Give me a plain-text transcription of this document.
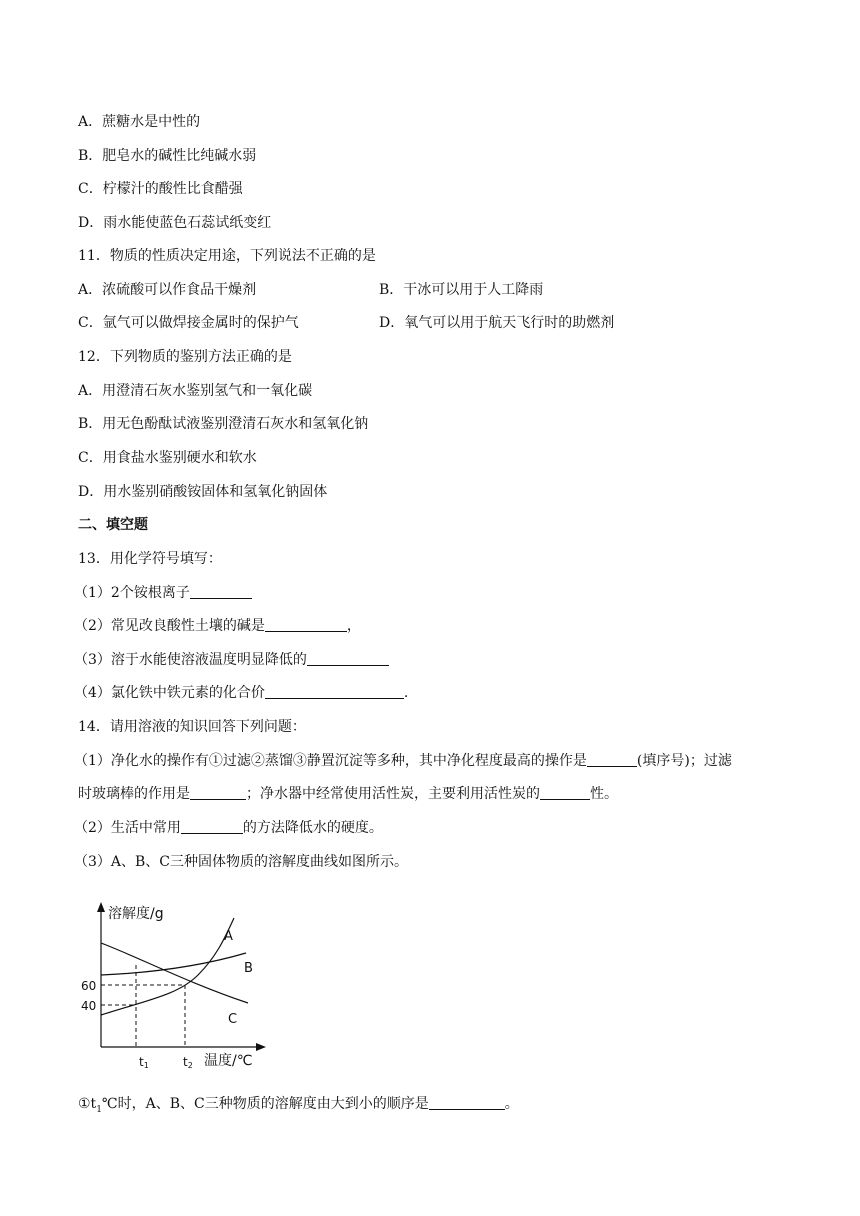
A．蔗糖水是中性的
B．肥皂水的碱性比纯碱水弱
C．柠檬汁的酸性比食醋强
D．雨水能使蓝色石蕊试纸变红
11．物质的性质决定用途，下列说法不正确的是
A．浓硫酸可以作食品干燥剂	B．干冰可以用于人工降雨
C．氩气可以做焊接金属时的保护气	D．氧气可以用于航天飞行时的助燃剂
12．下列物质的鉴别方法正确的是
A．用澄清石灰水鉴别氢气和一氧化碳
B．用无色酚酞试液鉴别澄清石灰水和氢氧化钠
C．用食盐水鉴别硬水和软水
D．用水鉴别硝酸铵固体和氢氧化钠固体
二、填空题
13．用化学符号填写：
（1）2个铵根离子
（2）常见改良酸性土壤的碱是	，
（3）溶于水能使溶液温度明显降低的
（4）氯化铁中铁元素的化合价	.
14．请用溶液的知识回答下列问题：
（1）净化水的操作有①过滤②蒸馏③静置沉淀等多种，其中净化程度最高的操作是	(填序号)；过滤
时玻璃棒的作用是	；净水器中经常使用活性炭，主要利用活性炭的	性。
（2）生活中常用	的方法降低水的硬度。
（3）A、B、C三种固体物质的溶解度曲线如图所示。
溶解度/g
温度/℃
60
40
t1	t2
A
B
C
$①t_1℃$时，A、B、C三种物质的溶解度由大到小的顺序是	。
